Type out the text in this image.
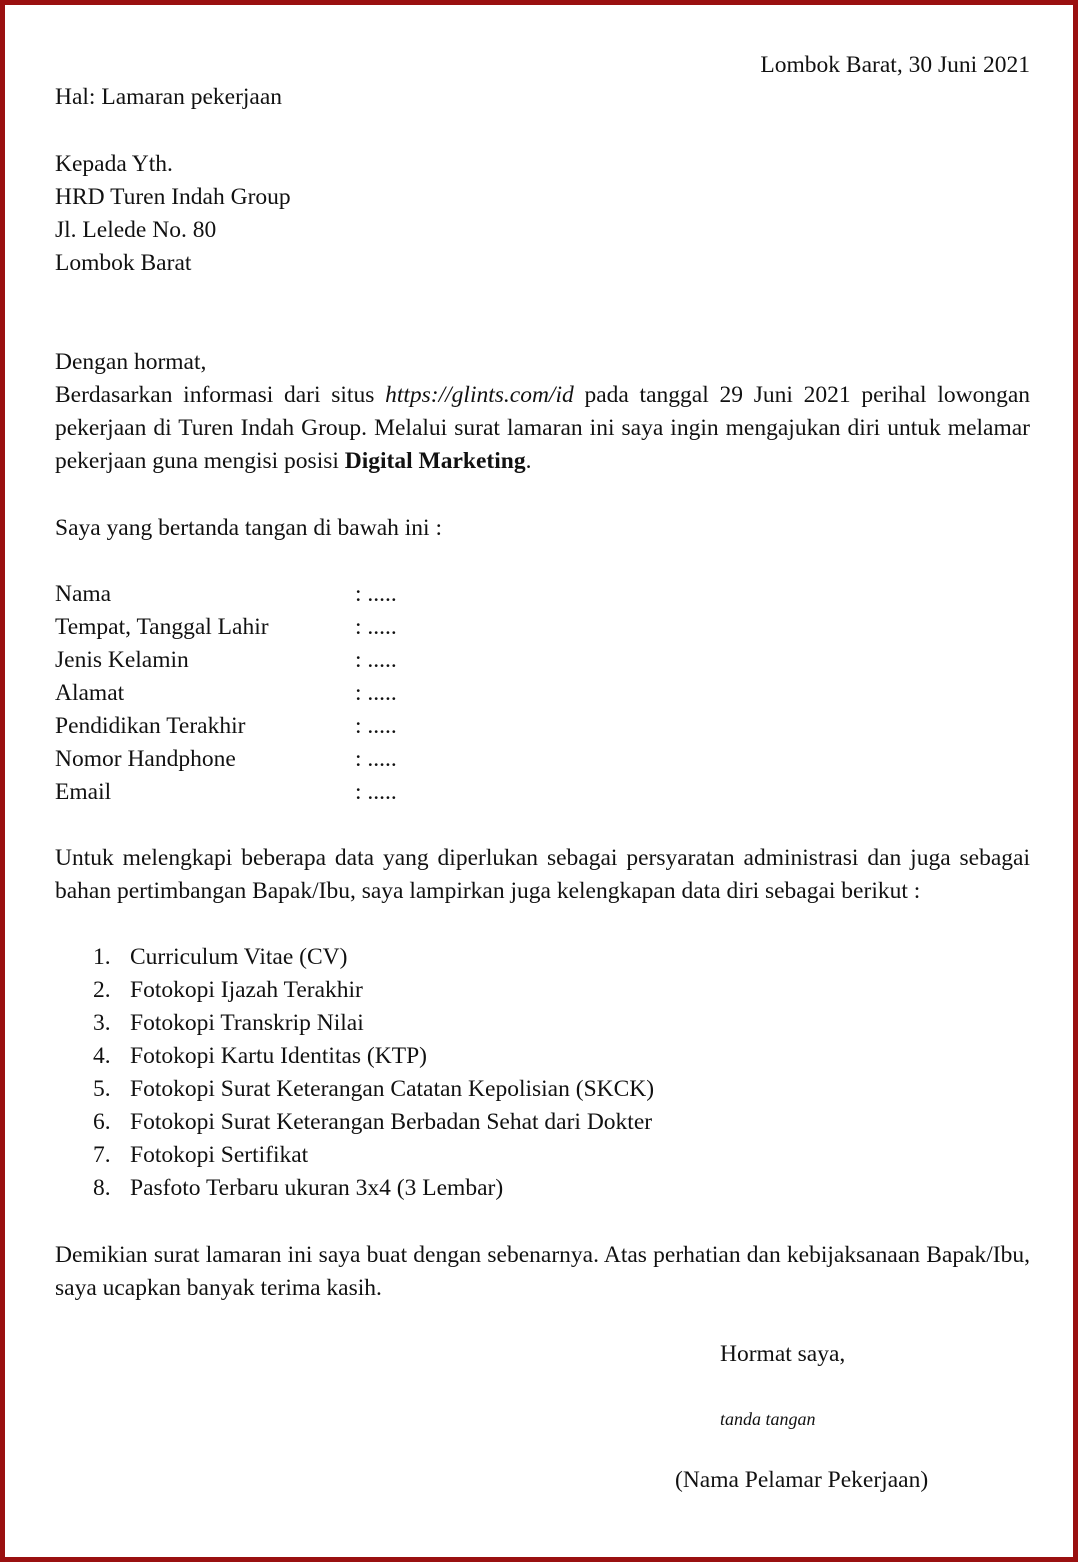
Lombok Barat, 30 Juni 2021
Hal: Lamaran pekerjaan
Kepada Yth.
HRD Turen Indah Group
Jl. Lelede No. 80
Lombok Barat
Dengan hormat,
Berdasarkan informasi dari situs https://glints.com/id pada tanggal 29 Juni 2021 perihal lowongan pekerjaan di Turen Indah Group. Melalui surat lamaran ini saya ingin mengajukan diri untuk melamar pekerjaan guna mengisi posisi Digital Marketing.
Saya yang bertanda tangan di bawah ini :
Nama	: .....
Tempat, Tanggal Lahir	: .....
Jenis Kelamin	: .....
Alamat	: .....
Pendidikan Terakhir	: .....
Nomor Handphone	: .....
Email	: .....
Untuk melengkapi beberapa data yang diperlukan sebagai persyaratan administrasi dan juga sebagai bahan pertimbangan Bapak/Ibu, saya lampirkan juga kelengkapan data diri sebagai berikut :
1. Curriculum Vitae (CV)
2. Fotokopi Ijazah Terakhir
3. Fotokopi Transkrip Nilai
4. Fotokopi Kartu Identitas (KTP)
5. Fotokopi Surat Keterangan Catatan Kepolisian (SKCK)
6. Fotokopi Surat Keterangan Berbadan Sehat dari Dokter
7. Fotokopi Sertifikat
8. Pasfoto Terbaru ukuran 3x4 (3 Lembar)
Demikian surat lamaran ini saya buat dengan sebenarnya. Atas perhatian dan kebijaksanaan Bapak/Ibu, saya ucapkan banyak terima kasih.
Hormat saya,
tanda tangan
(Nama Pelamar Pekerjaan)
